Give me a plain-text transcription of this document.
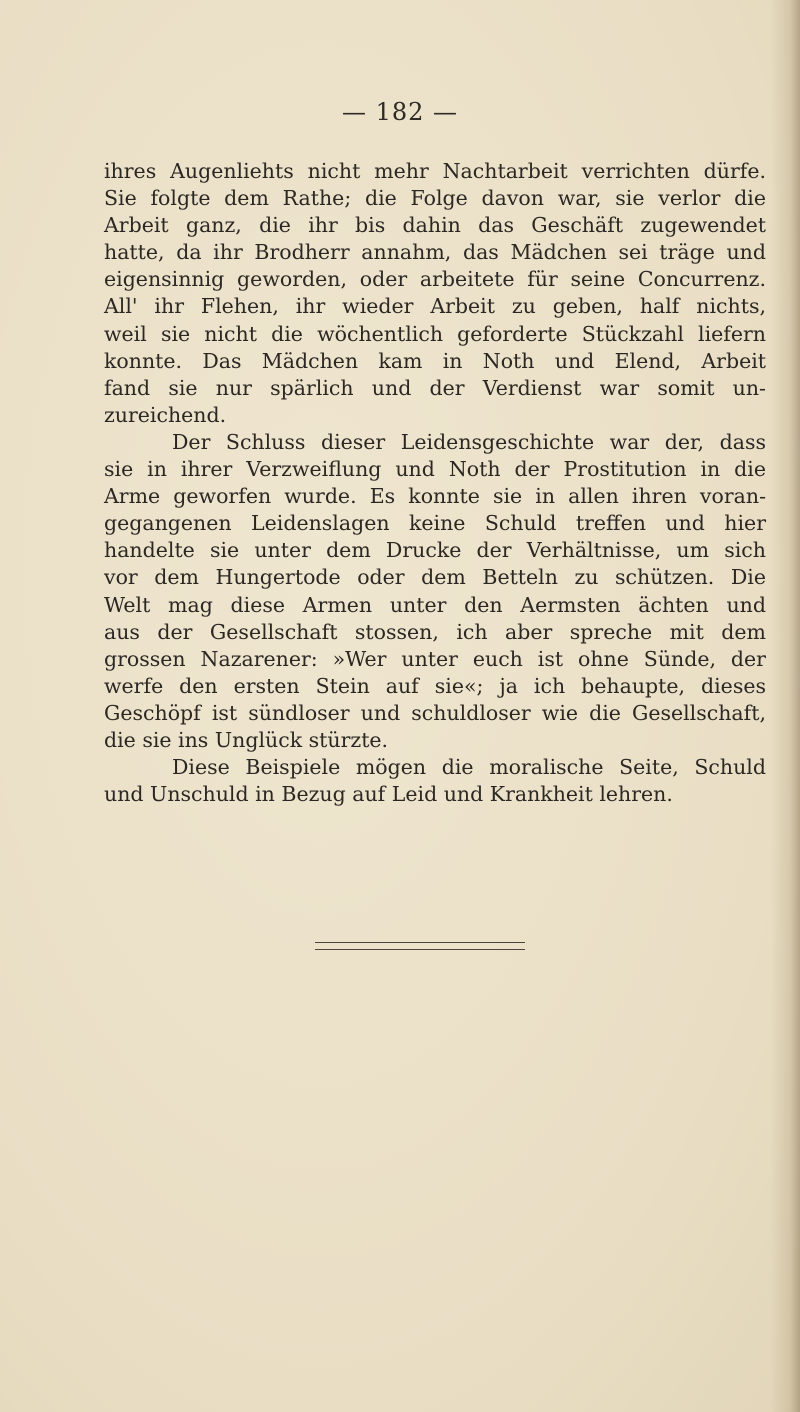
— 182 —
ihres Augenliehts nicht mehr Nachtarbeit verrichten dürfe.
Sie folgte dem Rathe; die Folge davon war, sie verlor die
Arbeit ganz, die ihr bis dahin das Geschäft zugewendet
hatte, da ihr Brodherr annahm, das Mädchen sei träge und
eigensinnig geworden, oder arbeitete für seine Concurrenz.
All' ihr Flehen, ihr wieder Arbeit zu geben, half nichts,
weil sie nicht die wöchentlich geforderte Stückzahl liefern
konnte. Das Mädchen kam in Noth und Elend, Arbeit
fand sie nur spärlich und der Verdienst war somit un-
zureichend.
Der Schluss dieser Leidensgeschichte war der, dass
sie in ihrer Verzweiflung und Noth der Prostitution in die
Arme geworfen wurde. Es konnte sie in allen ihren voran-
gegangenen Leidenslagen keine Schuld treffen und hier
handelte sie unter dem Drucke der Verhältnisse, um sich
vor dem Hungertode oder dem Betteln zu schützen. Die
Welt mag diese Armen unter den Aermsten ächten und
aus der Gesellschaft stossen, ich aber spreche mit dem
grossen Nazarener: »Wer unter euch ist ohne Sünde, der
werfe den ersten Stein auf sie«; ja ich behaupte, dieses
Geschöpf ist sündloser und schuldloser wie die Gesellschaft,
die sie ins Unglück stürzte.
Diese Beispiele mögen die moralische Seite, Schuld
und Unschuld in Bezug auf Leid und Krankheit lehren.
